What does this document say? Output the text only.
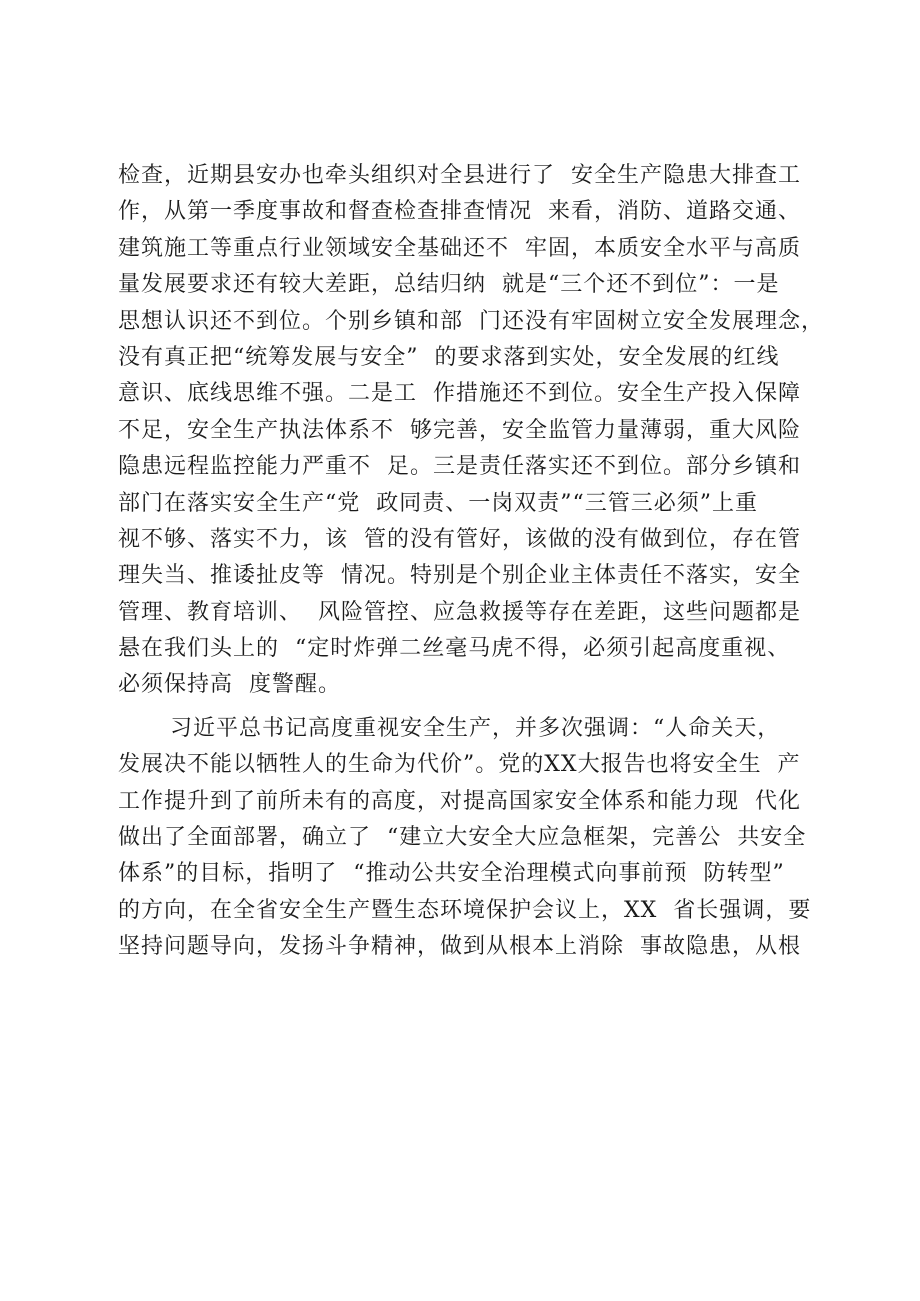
检查，近期县安办也牵头组织对全县进行了  安全生产隐患大排查工
作，从第一季度事故和督查检查排查情况  来看，消防、道路交通、
建筑施工等重点行业领域安全基础还不  牢固，本质安全水平与高质
量发展要求还有较大差距，总结归纳  就是“三个还不到位”：一是
思想认识还不到位。个别乡镇和部  门还没有牢固树立安全发展理念，
没有真正把“统筹发展与安全”  的要求落到实处，安全发展的红线
意识、底线思维不强。二是工  作措施还不到位。安全生产投入保障
不足，安全生产执法体系不  够完善，安全监管力量薄弱，重大风险
隐患远程监控能力严重不  足。三是责任落实还不到位。部分乡镇和
部门在落实安全生产“党  政同责、一岗双责”“三管三必须”上重
视不够、落实不力，该  管的没有管好，该做的没有做到位，存在管
理失当、推诿扯皮等  情况。特别是个别企业主体责任不落实，安全
管理、教育培训、  风险管控、应急救援等存在差距，这些问题都是
悬在我们头上的  “定时炸弹二丝毫马虎不得，必须引起高度重视、
必须保持高  度警醒。
习近平总书记高度重视安全生产，并多次强调：“人命关天，
发展决不能以牺牲人的生命为代价”。党的XX大报告也将安全生  产
工作提升到了前所未有的高度，对提高国家安全体系和能力现  代化
做出了全面部署，确立了  “建立大安全大应急框架，完善公  共安全
体系”的目标，指明了  “推动公共安全治理模式向事前预  防转型”
的方向，在全省安全生产暨生态环境保护会议上，XX  省长强调，要
坚持问题导向，发扬斗争精神，做到从根本上消除  事故隐患，从根
